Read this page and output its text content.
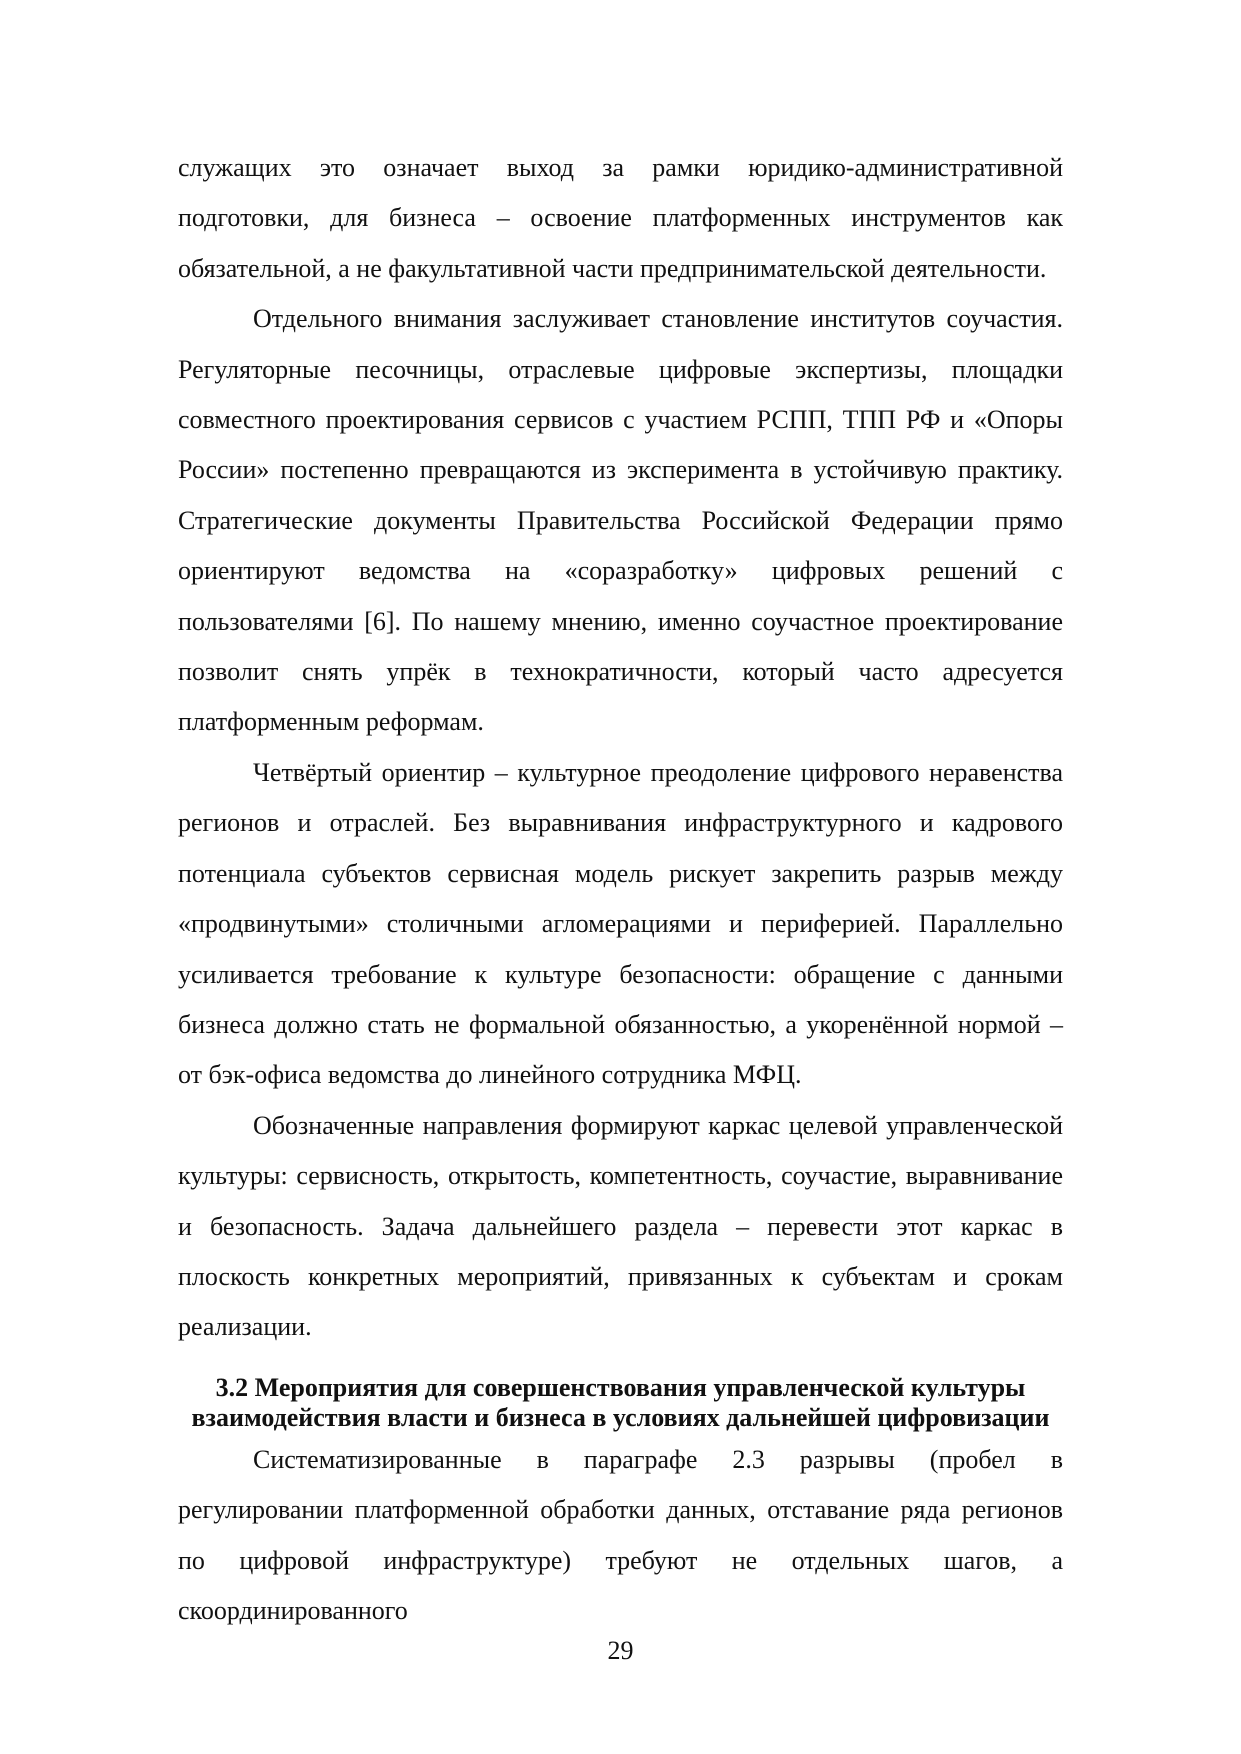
служащих это означает выход за рамки юридико-административной подготовки, для бизнеса – освоение платформенных инструментов как обязательной, а не факультативной части предпринимательской деятельности.

Отдельного внимания заслуживает становление институтов соучастия. Регуляторные песочницы, отраслевые цифровые экспертизы, площадки совместного проектирования сервисов с участием РСПП, ТПП РФ и «Опоры России» постепенно превращаются из эксперимента в устойчивую практику. Стратегические документы Правительства Российской Федерации прямо ориентируют ведомства на «соразработку» цифровых решений с пользователями [6]. По нашему мнению, именно соучастное проектирование позволит снять упрёк в технократичности, который часто адресуется платформенным реформам.

Четвёртый ориентир – культурное преодоление цифрового неравенства регионов и отраслей. Без выравнивания инфраструктурного и кадрового потенциала субъектов сервисная модель рискует закрепить разрыв между «продвинутыми» столичными агломерациями и периферией. Параллельно усиливается требование к культуре безопасности: обращение с данными бизнеса должно стать не формальной обязанностью, а укоренённой нормой – от бэк-офиса ведомства до линейного сотрудника МФЦ.

Обозначенные направления формируют каркас целевой управленческой культуры: сервисность, открытость, компетентность, соучастие, выравнивание и безопасность. Задача дальнейшего раздела – перевести этот каркас в плоскость конкретных мероприятий, привязанных к субъектам и срокам реализации.

3.2 Мероприятия для совершенствования управленческой культуры
взаимодействия власти и бизнеса в условиях дальнейшей цифровизации

Систематизированные в параграфе 2.3 разрывы (пробел в регулировании платформенной обработки данных, отставание ряда регионов по цифровой инфраструктуре) требуют не отдельных шагов, а скоординированного

29
